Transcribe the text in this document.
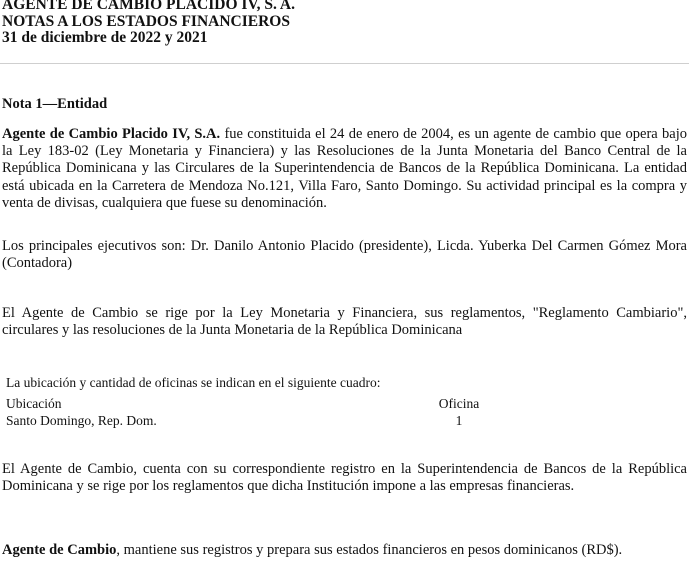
AGENTE DE CAMBIO PLACIDO IV, S. A.
NOTAS A LOS ESTADOS FINANCIEROS
31 de diciembre de 2022 y 2021
Nota 1—Entidad
Agente de Cambio Placido IV, S.A. fue constituida el 24 de enero de 2004, es un agente de cambio que opera bajo la Ley 183-02 (Ley Monetaria y Financiera) y las Resoluciones de la Junta Monetaria del Banco Central de la República Dominicana y las Circulares de la Superintendencia de Bancos de la República Dominicana. La entidad está ubicada en la Carretera de Mendoza No.121, Villa Faro, Santo Domingo. Su actividad principal es la compra y venta de divisas, cualquiera que fuese su denominación.
Los principales ejecutivos son: Dr. Danilo Antonio Placido (presidente), Licda. Yuberka Del Carmen Gómez Mora (Contadora)
El Agente de Cambio se rige por la Ley Monetaria y Financiera, sus reglamentos, "Reglamento Cambiario", circulares y las resoluciones de la Junta Monetaria de la República Dominicana
La ubicación y cantidad de oficinas se indican en el siguiente cuadro:
Ubicación	Oficina
Santo Domingo, Rep. Dom.	1
El Agente de Cambio, cuenta con su correspondiente registro en la Superintendencia de Bancos de la República Dominicana y se rige por los reglamentos que dicha Institución impone a las empresas financieras.
Agente de Cambio, mantiene sus registros y prepara sus estados financieros en pesos dominicanos (RD$).
